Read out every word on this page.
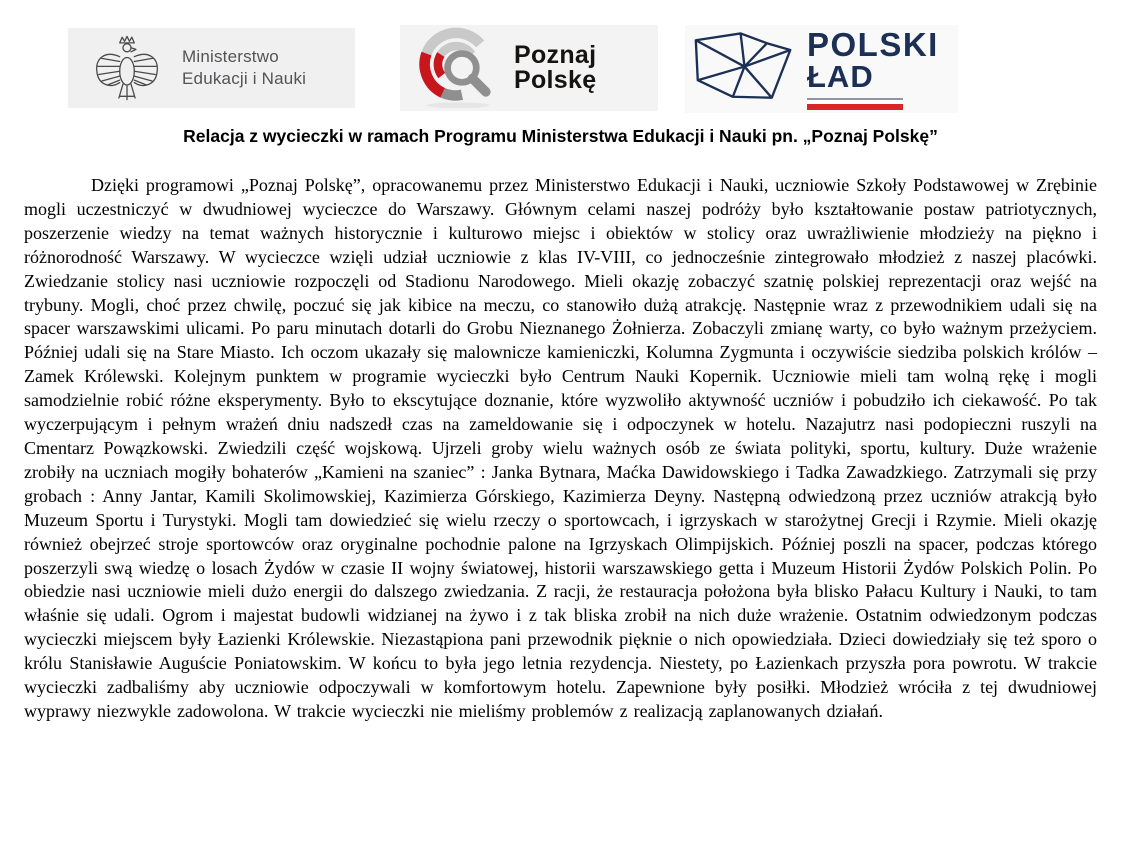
Ministerstwo
Edukacji i Nauki
Poznaj
Polskę
POLSKI
ŁAD
Relacja z wycieczki w ramach Programu Ministerstwa Edukacji i Nauki pn. „Poznaj Polskę”

Dzięki programowi „Poznaj Polskę”, opracowanemu przez Ministerstwo Edukacji i Nauki, uczniowie Szkoły Podstawowej w Zrębinie mogli uczestniczyć w dwudniowej wycieczce do Warszawy. Głównym celami naszej podróży było kształtowanie postaw patriotycznych, poszerzenie wiedzy na temat ważnych historycznie i kulturowo miejsc i obiektów w stolicy oraz uwrażliwienie młodzieży na piękno i różnorodność Warszawy. W wycieczce wzięli udział uczniowie z klas IV-VIII, co jednocześnie zintegrowało młodzież z naszej placówki. Zwiedzanie stolicy nasi uczniowie rozpoczęli od Stadionu Narodowego. Mieli okazję zobaczyć szatnię polskiej reprezentacji oraz wejść na trybuny. Mogli, choć przez chwilę, poczuć się jak kibice na meczu, co stanowiło dużą atrakcję. Następnie wraz z przewodnikiem udali się na spacer warszawskimi ulicami. Po paru minutach dotarli do Grobu Nieznanego Żołnierza. Zobaczyli zmianę warty, co było ważnym przeżyciem. Później udali się na Stare Miasto. Ich oczom ukazały się malownicze kamieniczki, Kolumna Zygmunta i oczywiście siedziba polskich królów – Zamek Królewski. Kolejnym punktem w programie wycieczki było Centrum Nauki Kopernik. Uczniowie mieli tam wolną rękę i mogli samodzielnie robić różne eksperymenty. Było to ekscytujące doznanie, które wyzwoliło aktywność uczniów i pobudziło ich ciekawość. Po tak wyczerpującym i pełnym wrażeń dniu nadszedł czas na zameldowanie się i odpoczynek w hotelu. Nazajutrz nasi podopieczni ruszyli na Cmentarz Powązkowski. Zwiedzili część wojskową. Ujrzeli groby wielu ważnych osób ze świata polityki, sportu, kultury. Duże wrażenie zrobiły na uczniach mogiły bohaterów „Kamieni na szaniec” : Janka Bytnara, Maćka Dawidowskiego i Tadka Zawadzkiego. Zatrzymali się przy grobach : Anny Jantar, Kamili Skolimowskiej, Kazimierza Górskiego, Kazimierza Deyny. Następną odwiedzoną przez uczniów atrakcją było Muzeum Sportu i Turystyki. Mogli tam dowiedzieć się wielu rzeczy o sportowcach, i igrzyskach w starożytnej Grecji i Rzymie. Mieli okazję również obejrzeć stroje sportowców oraz oryginalne pochodnie palone na Igrzyskach Olimpijskich. Później poszli na spacer, podczas którego poszerzyli swą wiedzę o losach Żydów w czasie II wojny światowej, historii warszawskiego getta i Muzeum Historii Żydów Polskich Polin. Po obiedzie nasi uczniowie mieli dużo energii do dalszego zwiedzania. Z racji, że restauracja położona była blisko Pałacu Kultury i Nauki, to tam właśnie się udali. Ogrom i majestat budowli widzianej na żywo i z tak bliska zrobił na nich duże wrażenie. Ostatnim odwiedzonym podczas wycieczki miejscem były Łazienki Królewskie. Niezastąpiona pani przewodnik pięknie o nich opowiedziała. Dzieci dowiedziały się też sporo o królu Stanisławie Auguście Poniatowskim. W końcu to była jego letnia rezydencja. Niestety, po Łazienkach przyszła pora powrotu. W trakcie wycieczki zadbaliśmy aby uczniowie odpoczywali w komfortowym hotelu. Zapewnione były posiłki. Młodzież wróciła z tej dwudniowej wyprawy niezwykle zadowolona. W trakcie wycieczki nie mieliśmy problemów z realizacją zaplanowanych działań.
